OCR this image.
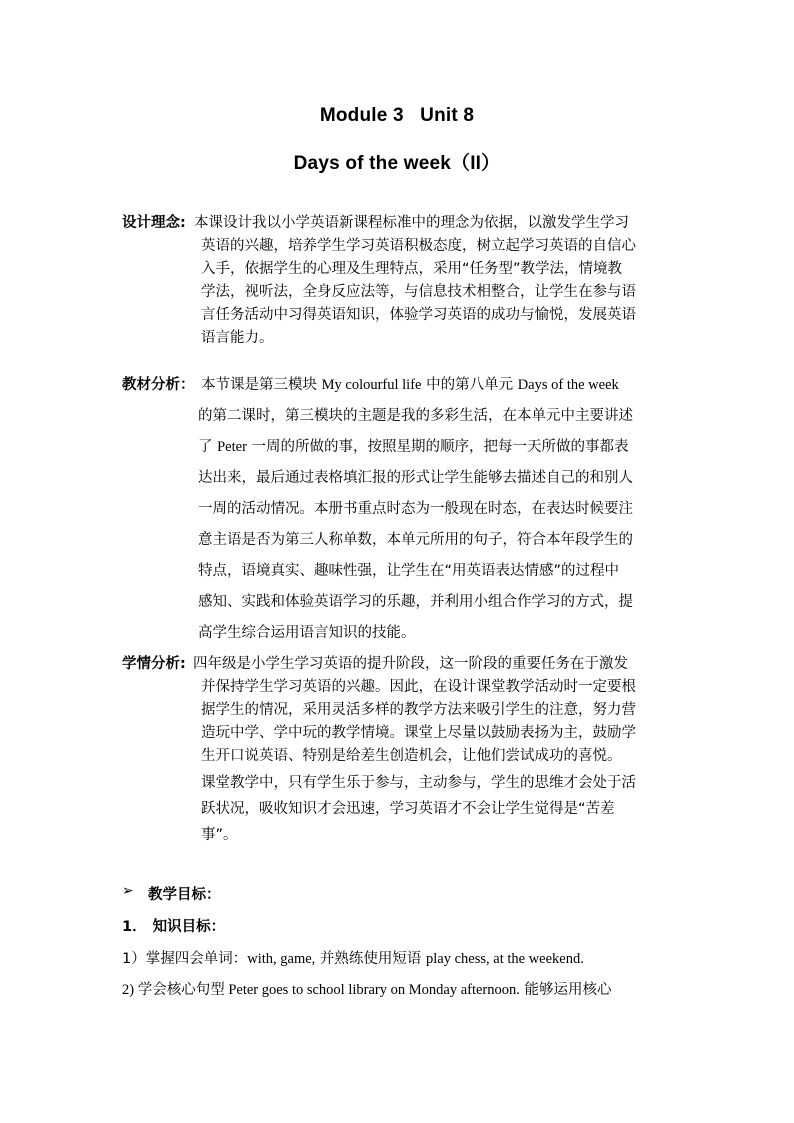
Module 3   Unit 8
Days of the week（II）
设计理念: 本课设计我以小学英语新课程标准中的理念为依据，以激发学生学习
英语的兴趣，培养学生学习英语积极态度，树立起学习英语的自信心
入手，依据学生的心理及生理特点，采用“任务型”教学法，情境教
学法，视听法，全身反应法等，与信息技术相整合，让学生在参与语
言任务活动中习得英语知识，体验学习英语的成功与愉悦，发展英语
语言能力。
教材分析： 本节课是第三模块 My colourful life 中的第八单元 Days of the week
的第二课时，第三模块的主题是我的多彩生活，在本单元中主要讲述
了 Peter 一周的所做的事，按照星期的顺序，把每一天所做的事都表
达出来，最后通过表格填汇报的形式让学生能够去描述自己的和别人
一周的活动情况。本册书重点时态为一般现在时态，在表达时候要注
意主语是否为第三人称单数，本单元所用的句子，符合本年段学生的
特点，语境真实、趣味性强，让学生在“用英语表达情感”的过程中
感知、实践和体验英语学习的乐趣，并利用小组合作学习的方式，提
高学生综合运用语言知识的技能。
学情分析: 四年级是小学生学习英语的提升阶段，这一阶段的重要任务在于激发
并保持学生学习英语的兴趣。因此，在设计课堂教学活动时一定要根
据学生的情况，采用灵活多样的教学方法来吸引学生的注意，努力营
造玩中学、学中玩的教学情境。课堂上尽量以鼓励表扬为主，鼓励学
生开口说英语、特别是给差生创造机会，让他们尝试成功的喜悦。
课堂教学中，只有学生乐于参与，主动参与，学生的思维才会处于活
跃状况，吸收知识才会迅速，学习英语才不会让学生觉得是“苦差
事”。
➢ 教学目标：
1． 知识目标：
1）掌握四会单词：with, game, 并熟练使用短语 play chess, at the weekend.
2) 学会核心句型 Peter goes to school library on Monday afternoon. 能够运用核心
